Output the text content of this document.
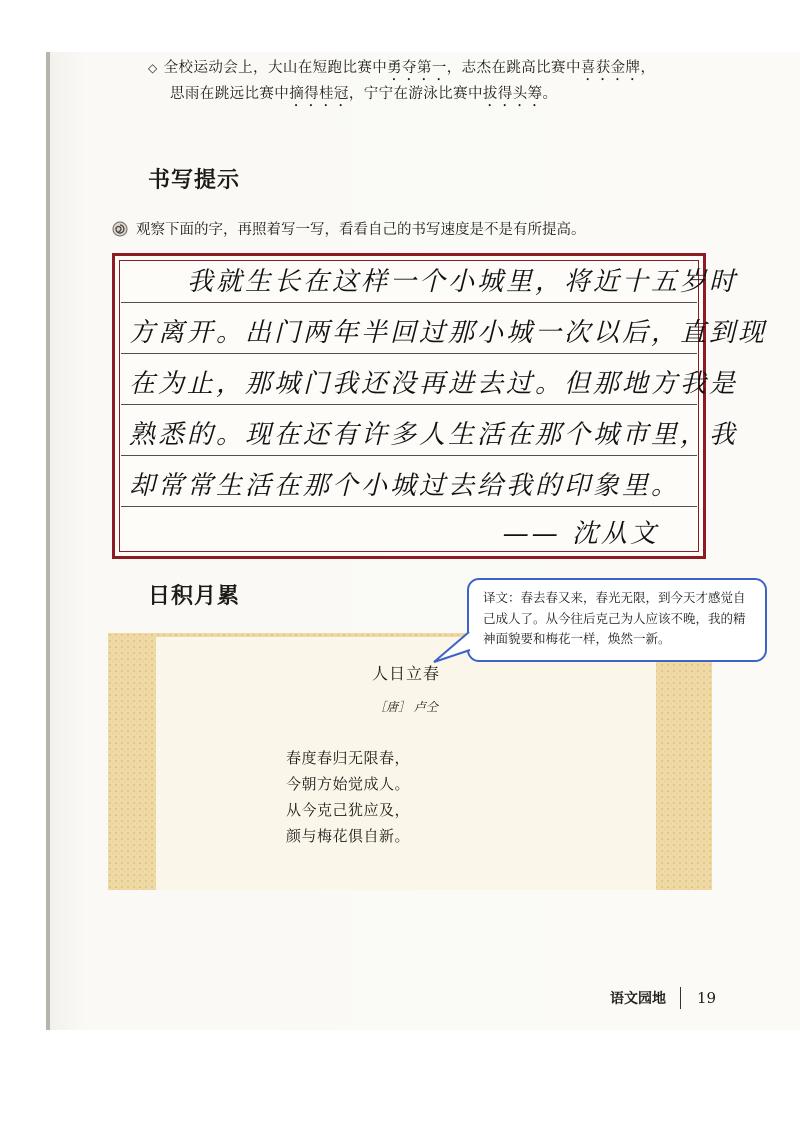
◇ 全校运动会上，大山在短跑比赛中勇夺第一，志杰在跳高比赛中喜获金牌，
思雨在跳远比赛中摘得桂冠，宁宁在游泳比赛中拔得头筹。
书写提示
观察下面的字，再照着写一写，看看自己的书写速度是不是有所提高。
　　我就生长在这样一个小城里，将近十五岁时
方离开。出门两年半回过那小城一次以后，直到现
在为止，那城门我还没再进去过。但那地方我是
熟悉的。现在还有许多人生活在那个城市里，我
却常常生活在那个小城过去给我的印象里。
—— 沈从文
日积月累
人日立春
［唐］ 卢仝
春度春归无限春，
今朝方始觉成人。
从今克己犹应及，
颜与梅花俱自新。
译文：春去春又来，春光无限，到今天才感觉自己成人了。从今往后克己为人应该不晚，我的精神面貌要和梅花一样，焕然一新。
语文园地 19
